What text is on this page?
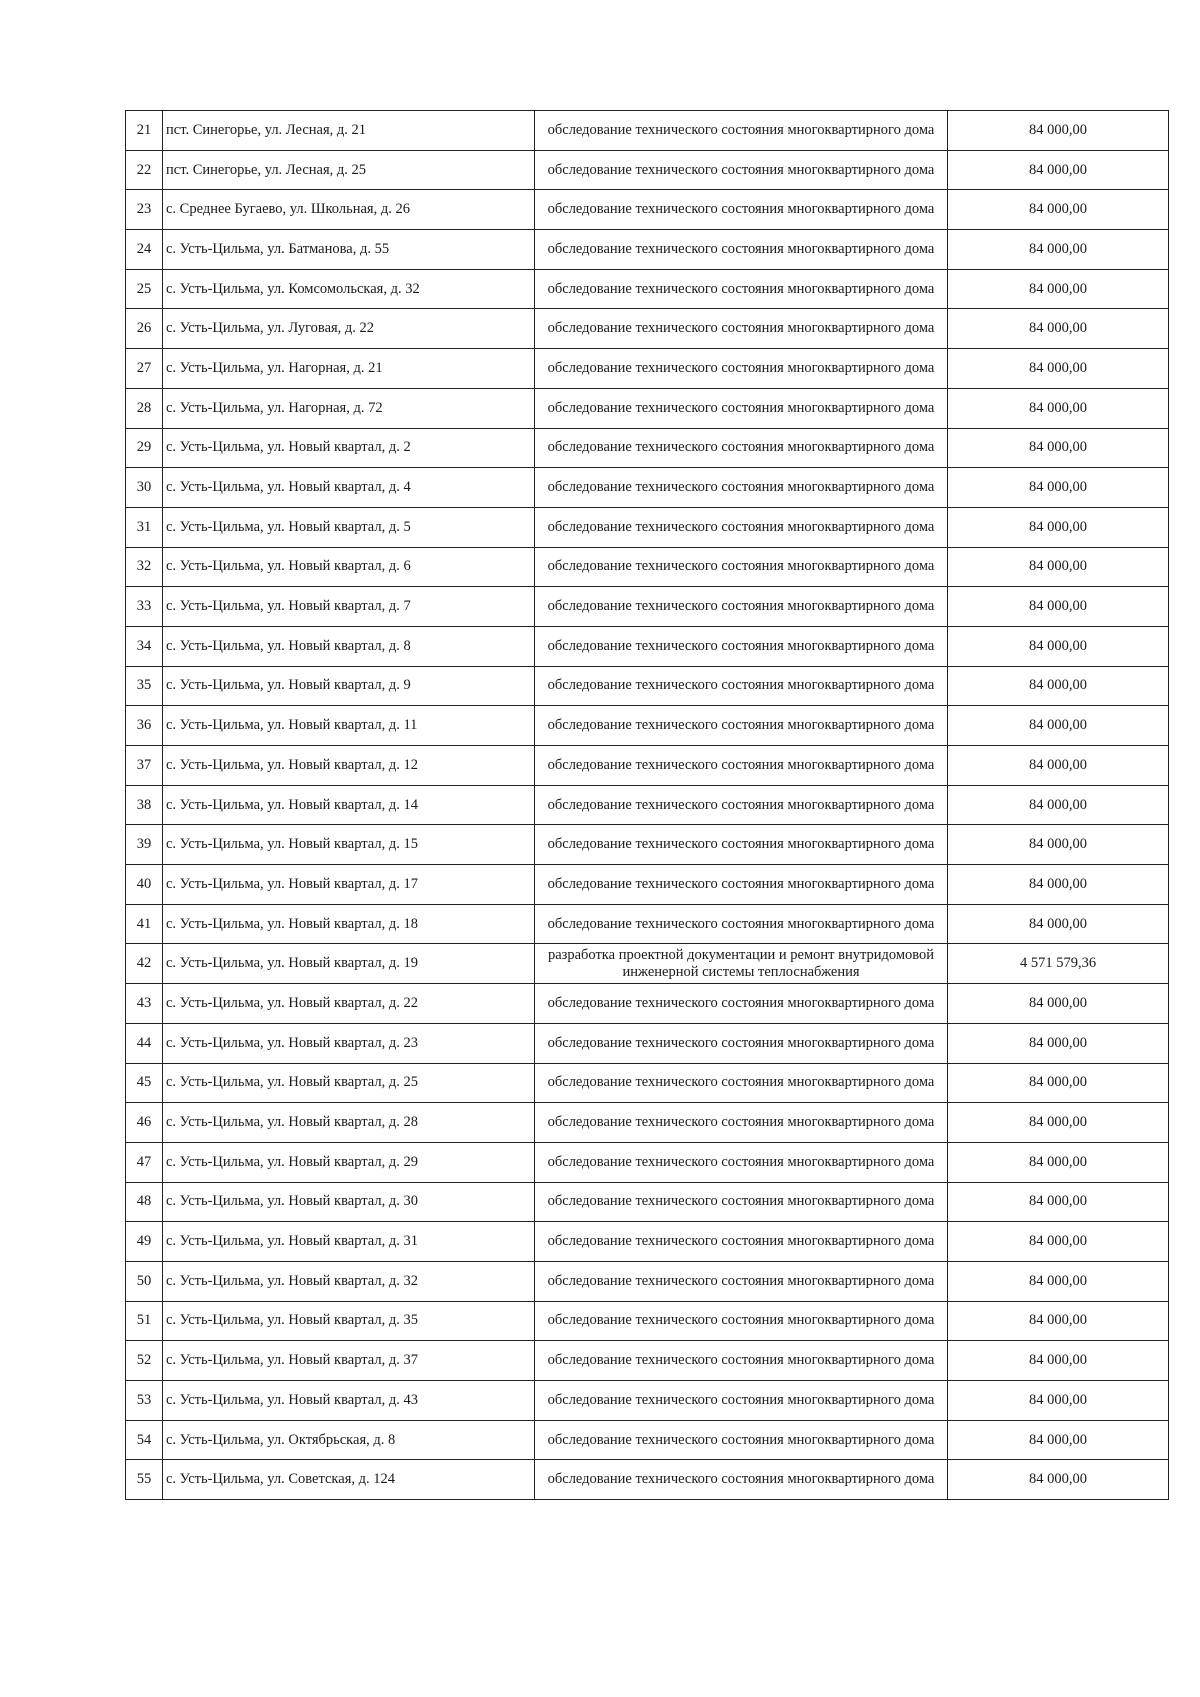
21	пст. Синегорье, ул. Лесная, д. 21	обследование технического состояния многоквартирного дома	84 000,00
22	пст. Синегорье, ул. Лесная, д. 25	обследование технического состояния многоквартирного дома	84 000,00
23	с. Среднее Бугаево, ул. Школьная, д. 26	обследование технического состояния многоквартирного дома	84 000,00
24	с. Усть-Цильма, ул. Батманова, д. 55	обследование технического состояния многоквартирного дома	84 000,00
25	с. Усть-Цильма, ул. Комсомольская, д. 32	обследование технического состояния многоквартирного дома	84 000,00
26	с. Усть-Цильма, ул. Луговая, д. 22	обследование технического состояния многоквартирного дома	84 000,00
27	с. Усть-Цильма, ул. Нагорная, д. 21	обследование технического состояния многоквартирного дома	84 000,00
28	с. Усть-Цильма, ул. Нагорная, д. 72	обследование технического состояния многоквартирного дома	84 000,00
29	с. Усть-Цильма, ул. Новый квартал, д. 2	обследование технического состояния многоквартирного дома	84 000,00
30	с. Усть-Цильма, ул. Новый квартал, д. 4	обследование технического состояния многоквартирного дома	84 000,00
31	с. Усть-Цильма, ул. Новый квартал, д. 5	обследование технического состояния многоквартирного дома	84 000,00
32	с. Усть-Цильма, ул. Новый квартал, д. 6	обследование технического состояния многоквартирного дома	84 000,00
33	с. Усть-Цильма, ул. Новый квартал, д. 7	обследование технического состояния многоквартирного дома	84 000,00
34	с. Усть-Цильма, ул. Новый квартал, д. 8	обследование технического состояния многоквартирного дома	84 000,00
35	с. Усть-Цильма, ул. Новый квартал, д. 9	обследование технического состояния многоквартирного дома	84 000,00
36	с. Усть-Цильма, ул. Новый квартал, д. 11	обследование технического состояния многоквартирного дома	84 000,00
37	с. Усть-Цильма, ул. Новый квартал, д. 12	обследование технического состояния многоквартирного дома	84 000,00
38	с. Усть-Цильма, ул. Новый квартал, д. 14	обследование технического состояния многоквартирного дома	84 000,00
39	с. Усть-Цильма, ул. Новый квартал, д. 15	обследование технического состояния многоквартирного дома	84 000,00
40	с. Усть-Цильма, ул. Новый квартал, д. 17	обследование технического состояния многоквартирного дома	84 000,00
41	с. Усть-Цильма, ул. Новый квартал, д. 18	обследование технического состояния многоквартирного дома	84 000,00
42	с. Усть-Цильма, ул. Новый квартал, д. 19	разработка проектной документации и ремонт внутридомовой инженерной системы теплоснабжения	4 571 579,36
43	с. Усть-Цильма, ул. Новый квартал, д. 22	обследование технического состояния многоквартирного дома	84 000,00
44	с. Усть-Цильма, ул. Новый квартал, д. 23	обследование технического состояния многоквартирного дома	84 000,00
45	с. Усть-Цильма, ул. Новый квартал, д. 25	обследование технического состояния многоквартирного дома	84 000,00
46	с. Усть-Цильма, ул. Новый квартал, д. 28	обследование технического состояния многоквартирного дома	84 000,00
47	с. Усть-Цильма, ул. Новый квартал, д. 29	обследование технического состояния многоквартирного дома	84 000,00
48	с. Усть-Цильма, ул. Новый квартал, д. 30	обследование технического состояния многоквартирного дома	84 000,00
49	с. Усть-Цильма, ул. Новый квартал, д. 31	обследование технического состояния многоквартирного дома	84 000,00
50	с. Усть-Цильма, ул. Новый квартал, д. 32	обследование технического состояния многоквартирного дома	84 000,00
51	с. Усть-Цильма, ул. Новый квартал, д. 35	обследование технического состояния многоквартирного дома	84 000,00
52	с. Усть-Цильма, ул. Новый квартал, д. 37	обследование технического состояния многоквартирного дома	84 000,00
53	с. Усть-Цильма, ул. Новый квартал, д. 43	обследование технического состояния многоквартирного дома	84 000,00
54	с. Усть-Цильма, ул. Октябрьская, д. 8	обследование технического состояния многоквартирного дома	84 000,00
55	с. Усть-Цильма, ул. Советская, д. 124	обследование технического состояния многоквартирного дома	84 000,00
